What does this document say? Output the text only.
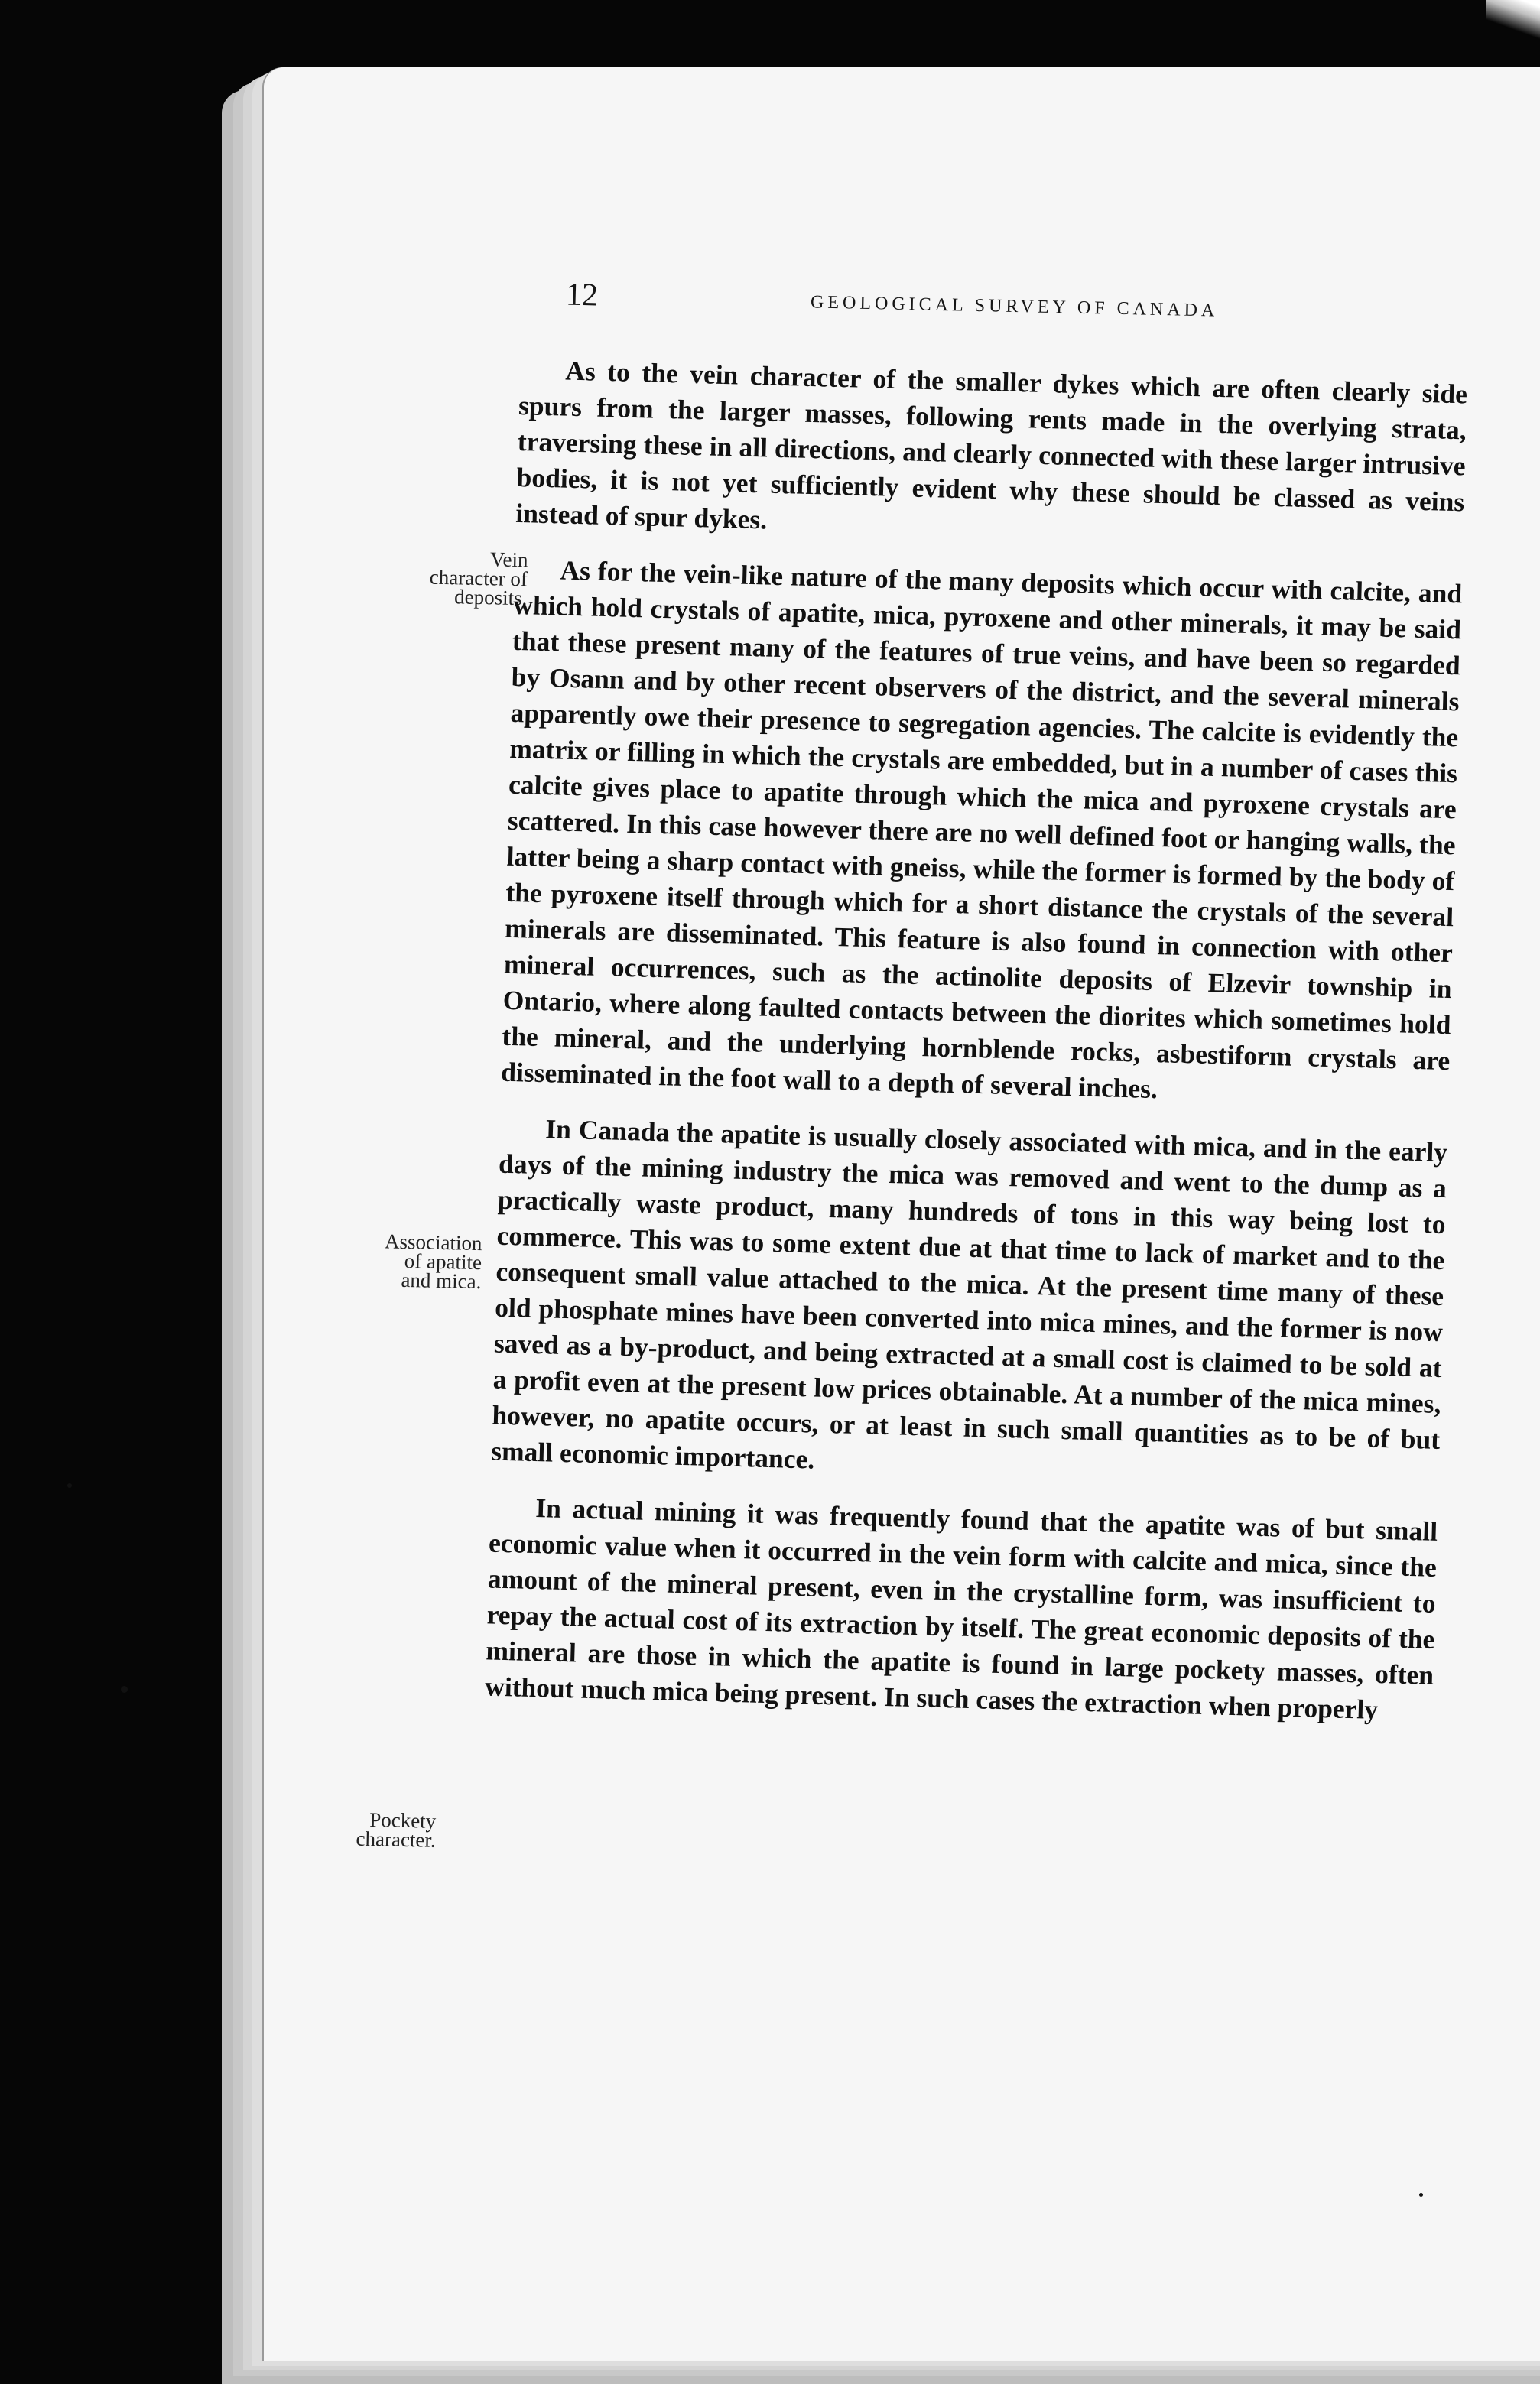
12	GEOLOGICAL SURVEY OF CANADA
Vein
character of
deposits.
Association
of apatite
and mica.
Pockety
character.

As to the vein character of the smaller dykes which are often clearly side spurs from the larger masses, following rents made in the overlying strata, traversing these in all directions, and clearly connected with these larger intrusive bodies, it is not yet sufficiently evident why these should be classed as veins instead of spur dykes.

As for the vein-like nature of the many deposits which occur with calcite, and which hold crystals of apatite, mica, pyroxene and other minerals, it may be said that these present many of the features of true veins, and have been so regarded by Osann and by other recent observers of the district, and the several minerals apparently owe their presence to segregation agencies. The calcite is evidently the matrix or filling in which the crystals are embedded, but in a number of cases this calcite gives place to apatite through which the mica and pyroxene crystals are scattered. In this case however there are no well defined foot or hanging walls, the latter being a sharp contact with gneiss, while the former is formed by the body of the pyroxene itself through which for a short distance the crystals of the several minerals are disseminated. This feature is also found in connection with other mineral occurrences, such as the actinolite deposits of Elzevir township in Ontario, where along faulted contacts between the diorites which sometimes hold the mineral, and the underlying hornblende rocks, asbestiform crystals are disseminated in the foot wall to a depth of several inches.

In Canada the apatite is usually closely associated with mica, and in the early days of the mining industry the mica was removed and went to the dump as a practically waste product, many hundreds of tons in this way being lost to commerce. This was to some extent due at that time to lack of market and to the consequent small value attached to the mica. At the present time many of these old phosphate mines have been converted into mica mines, and the former is now saved as a by-product, and being extracted at a small cost is claimed to be sold at a profit even at the present low prices obtainable. At a number of the mica mines, however, no apatite occurs, or at least in such small quantities as to be of but small economic importance.

In actual mining it was frequently found that the apatite was of but small economic value when it occurred in the vein form with calcite and mica, since the amount of the mineral present, even in the crystalline form, was insufficient to repay the actual cost of its extraction by itself. The great economic deposits of the mineral are those in which the apatite is found in large pockety masses, often without much mica being present. In such cases the extraction when properly
